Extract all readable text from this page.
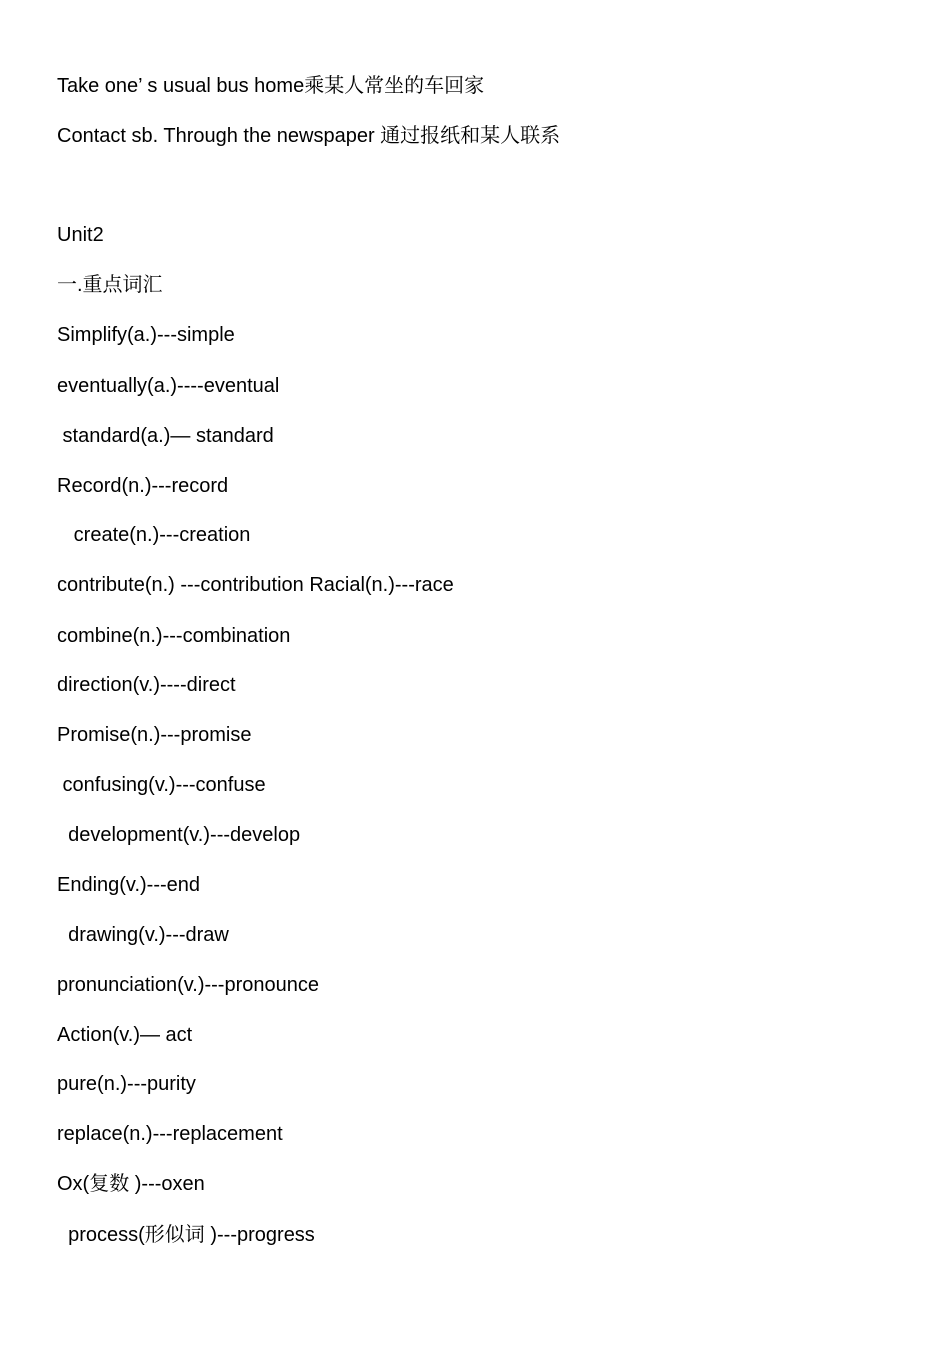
Take one’ s usual bus home乘某人常坐的车回家
Contact sb. Through the newspaper 通过报纸和某人联系
Unit2
一.重点词汇
Simplify(a.)---simple
eventually(a.)----eventual
standard(a.)— standard
Record(n.)---record
create(n.)---creation
contribute(n.) ---contribution Racial(n.)---race
combine(n.)---combination
direction(v.)----direct
Promise(n.)---promise
confusing(v.)---confuse
development(v.)---develop
Ending(v.)---end
drawing(v.)---draw
pronunciation(v.)---pronounce
Action(v.)— act
pure(n.)---purity
replace(n.)---replacement
Ox(复数 )---oxen
process(形似词 )---progress
